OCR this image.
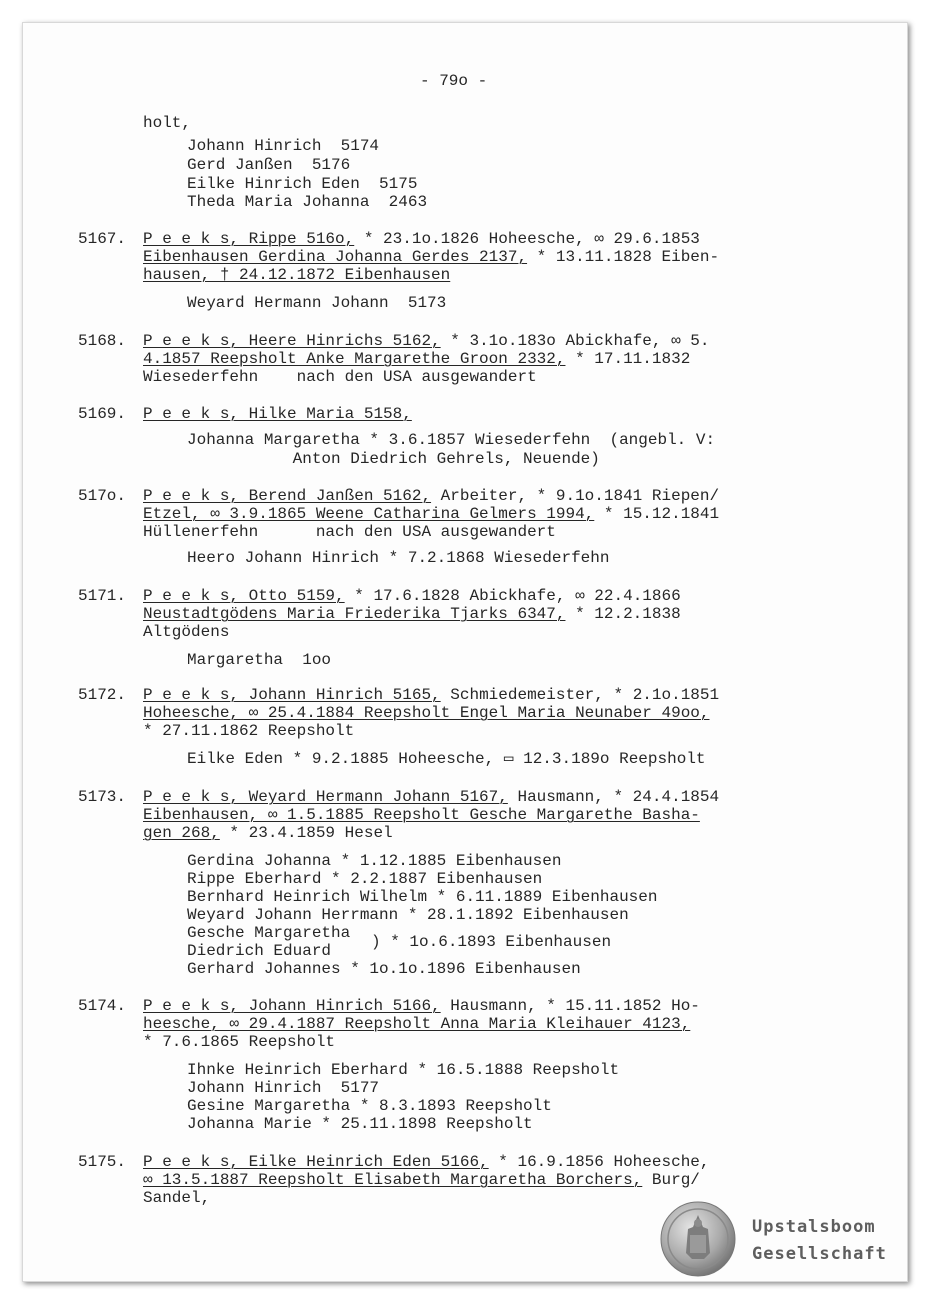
- 79o -

holt,

Johann Hinrich  5174

Gerd Janßen  5176

Eilke Hinrich Eden  5175

Theda Maria Johanna  2463

5167. P e e k s, Rippe 516o, * 23.1o.1826 Hoheesche, ∞ 29.6.1853

Eibenhausen Gerdina Johanna Gerdes 2137, * 13.11.1828 Eiben-

hausen, † 24.12.1872 Eibenhausen

Weyard Hermann Johann  5173

5168. P e e k s, Heere Hinrichs 5162, * 3.1o.183o Abickhafe, ∞ 5.

4.1857 Reepsholt Anke Margarethe Groon 2332, * 17.11.1832

Wiesederfehn    nach den USA ausgewandert

5169. P e e k s, Hilke Maria 5158,

Johanna Margaretha * 3.6.1857 Wiesederfehn  (angebl. V:

Anton Diedrich Gehrels, Neuende)

517o. P e e k s, Berend Janßen 5162, Arbeiter, * 9.1o.1841 Riepen/

Etzel, ∞ 3.9.1865 Weene Catharina Gelmers 1994, * 15.12.1841

Hüllenerfehn      nach den USA ausgewandert

Heero Johann Hinrich * 7.2.1868 Wiesederfehn

5171. P e e k s, Otto 5159, * 17.6.1828 Abickhafe, ∞ 22.4.1866

Neustadtgödens Maria Friederika Tjarks 6347, * 12.2.1838

Altgödens

Margaretha  1oo

5172. P e e k s, Johann Hinrich 5165, Schmiedemeister, * 2.1o.1851

Hoheesche, ∞ 25.4.1884 Reepsholt Engel Maria Neunaber 49oo,

* 27.11.1862 Reepsholt

Eilke Eden * 9.2.1885 Hoheesche, ▭ 12.3.189o Reepsholt

5173. P e e k s, Weyard Hermann Johann 5167, Hausmann, * 24.4.1854

Eibenhausen, ∞ 1.5.1885 Reepsholt Gesche Margarethe Basha-

gen 268, * 23.4.1859 Hesel

Gerdina Johanna * 1.12.1885 Eibenhausen

Rippe Eberhard * 2.2.1887 Eibenhausen

Bernhard Heinrich Wilhelm * 6.11.1889 Eibenhausen

Weyard Johann Herrmann * 28.1.1892 Eibenhausen

Gesche Margaretha ) * 1o.6.1893 Eibenhausen

Diedrich Eduard

Gerhard Johannes * 1o.1o.1896 Eibenhausen

5174. P e e k s, Johann Hinrich 5166, Hausmann, * 15.11.1852 Ho-

heesche, ∞ 29.4.1887 Reepsholt Anna Maria Kleihauer 4123,

* 7.6.1865 Reepsholt

Ihnke Heinrich Eberhard * 16.5.1888 Reepsholt

Johann Hinrich  5177

Gesine Margaretha * 8.3.1893 Reepsholt

Johanna Marie * 25.11.1898 Reepsholt

5175. P e e k s, Eilke Heinrich Eden 5166, * 16.9.1856 Hoheesche,

∞ 13.5.1887 Reepsholt Elisabeth Margaretha Borchers, Burg/

Sandel,

Upstalsboom
Gesellschaft
